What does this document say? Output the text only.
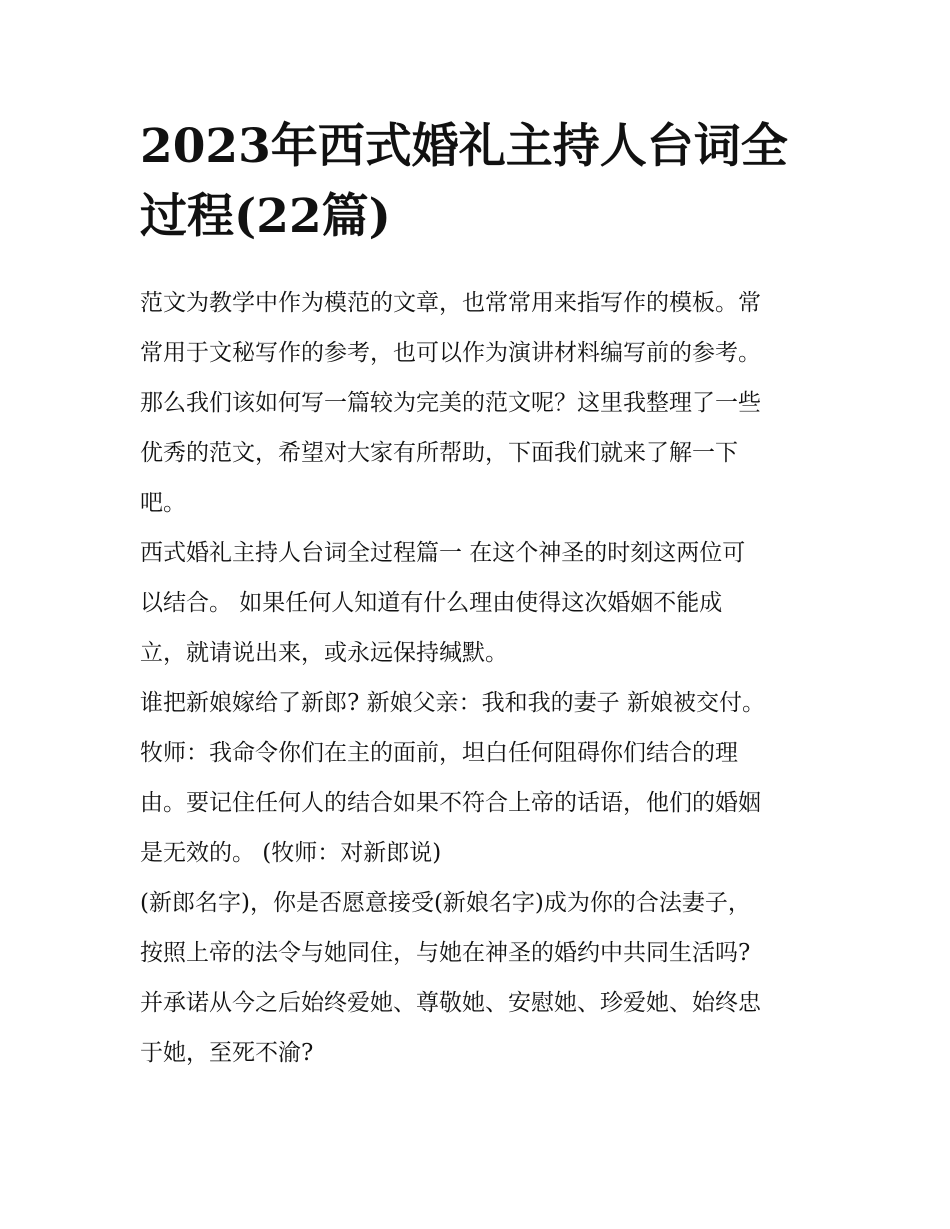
2023年西式婚礼主持人台词全
过程(22篇)

范文为教学中作为模范的文章，也常常用来指写作的模板。常
常用于文秘写作的参考，也可以作为演讲材料编写前的参考。
那么我们该如何写一篇较为完美的范文呢？这里我整理了一些
优秀的范文，希望对大家有所帮助，下面我们就来了解一下
吧。

西式婚礼主持人台词全过程篇一 在这个神圣的时刻这两位可
以结合。 如果任何人知道有什么理由使得这次婚姻不能成
立，就请说出来，或永远保持缄默。

谁把新娘嫁给了新郎? 新娘父亲：我和我的妻子 新娘被交付。
牧师：我命令你们在主的面前，坦白任何阻碍你们结合的理
由。要记住任何人的结合如果不符合上帝的话语，他们的婚姻
是无效的。 (牧师：对新郎说)

(新郎名字)，你是否愿意接受(新娘名字)成为你的合法妻子，
按照上帝的法令与她同住，与她在神圣的婚约中共同生活吗?
并承诺从今之后始终爱她、尊敬她、安慰她、珍爱她、始终忠
于她，至死不渝?
